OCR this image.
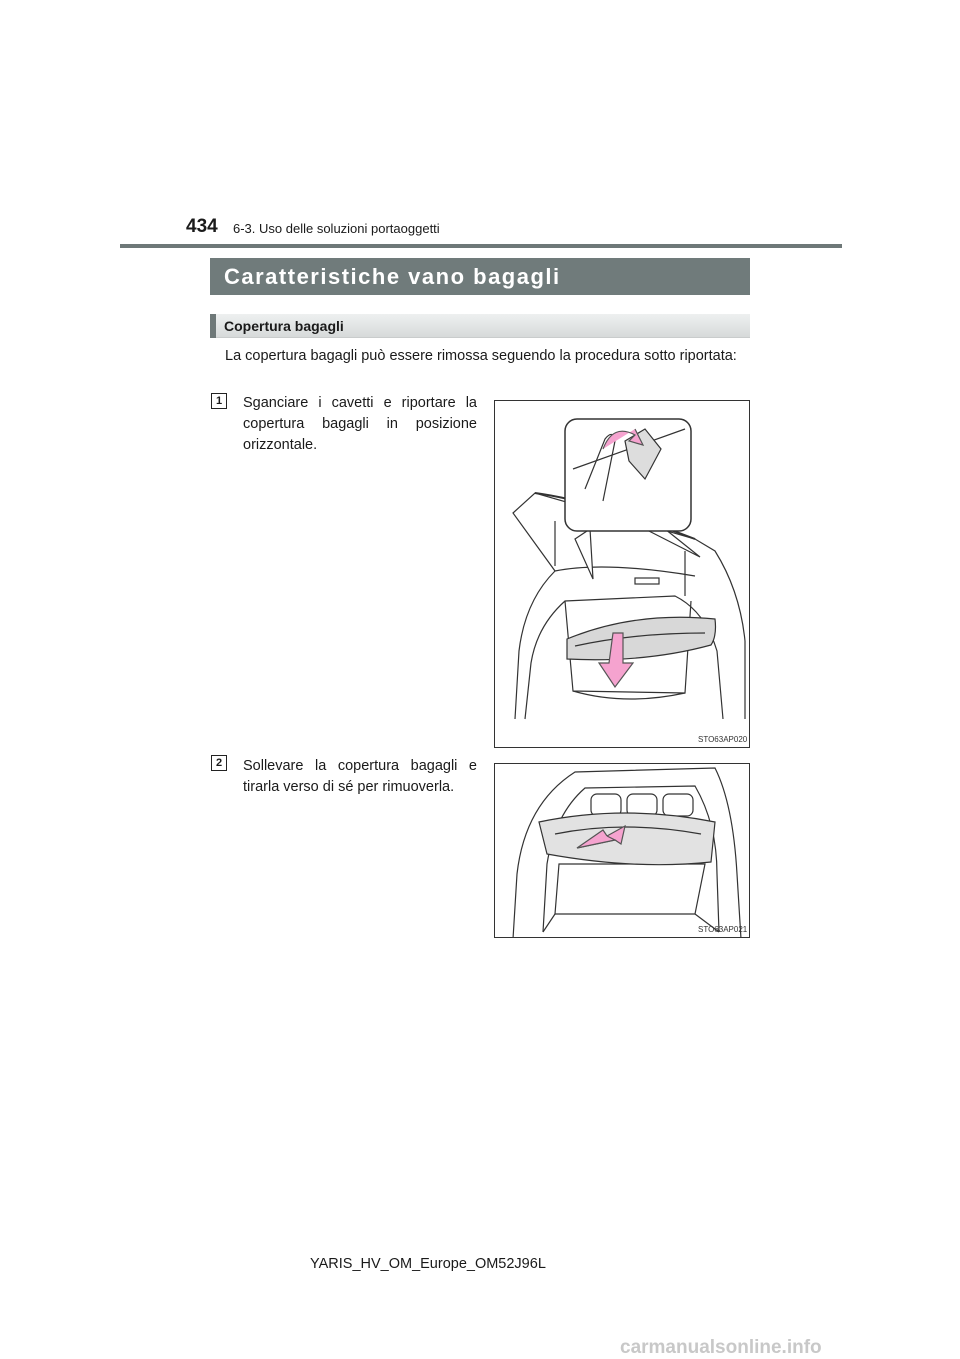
434 6-3. Uso delle soluzioni portaoggetti
Caratteristiche vano bagagli
Copertura bagagli
La copertura bagagli può essere rimossa seguendo la procedura sotto riportata:
1	Sganciare i cavetti e riportare la copertura bagagli in posizione orizzontale.
STO63AP020
2	Sollevare la copertura bagagli e tirarla verso di sé per rimuoverla.
STO63AP021
YARIS_HV_OM_Europe_OM52J96L
carmanualsonline.info
